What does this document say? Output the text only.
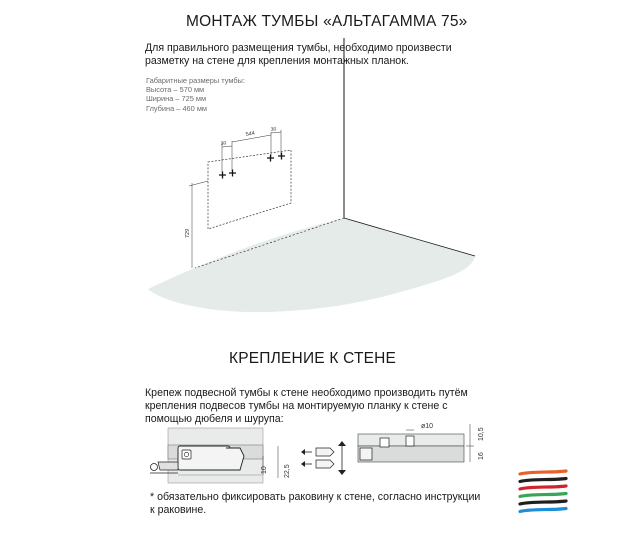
МОНТАЖ ТУМБЫ «АЛЬТАГАММА 75»
Для правильного размещения тумбы, необходимо произвести
разметку на стене для крепления монтажных планок.
Габаритные размеры тумбы:
Высота – 570 мм
Ширина – 725 мм
Глубина – 460 мм
30
544
30
729
КРЕПЛЕНИЕ К СТЕНЕ
Крепеж подвесной тумбы к стене необходимо производить путём
крепления подвесов тумбы на монтируемую планку к стене с
помощью дюбеля и шурупа:
10 22,5
ø10
10,5
16
* обязательно фиксировать раковину к стене, согласно инструкции
к раковине.
